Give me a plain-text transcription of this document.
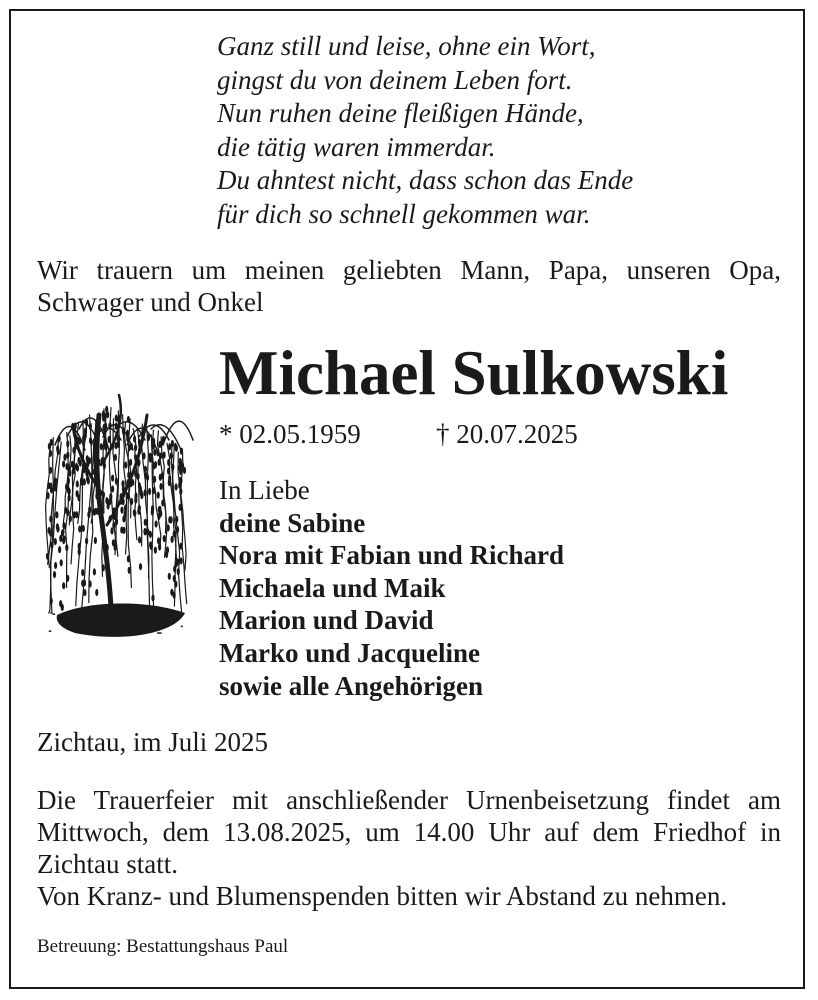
Ganz still und leise, ohne ein Wort,
gingst du von deinem Leben fort.
Nun ruhen deine fleißigen Hände,
die tätig waren immerdar.
Du ahntest nicht, dass schon das Ende
für dich so schnell gekommen war.
Wir trauern um meinen geliebten Mann, Papa, unseren Opa,
Schwager und Onkel
Michael Sulkowski
* 02.05.1959	† 20.07.2025
In Liebe
deine Sabine
Nora mit Fabian und Richard
Michaela und Maik
Marion und David
Marko und Jacqueline
sowie alle Angehörigen
Zichtau, im Juli 2025
Die Trauerfeier mit anschließender Urnenbeisetzung findet am
Mittwoch, dem 13.08.2025, um 14.00 Uhr auf dem Friedhof in
Zichtau statt.
Von Kranz- und Blumenspenden bitten wir Abstand zu nehmen.
Betreuung: Bestattungshaus Paul
